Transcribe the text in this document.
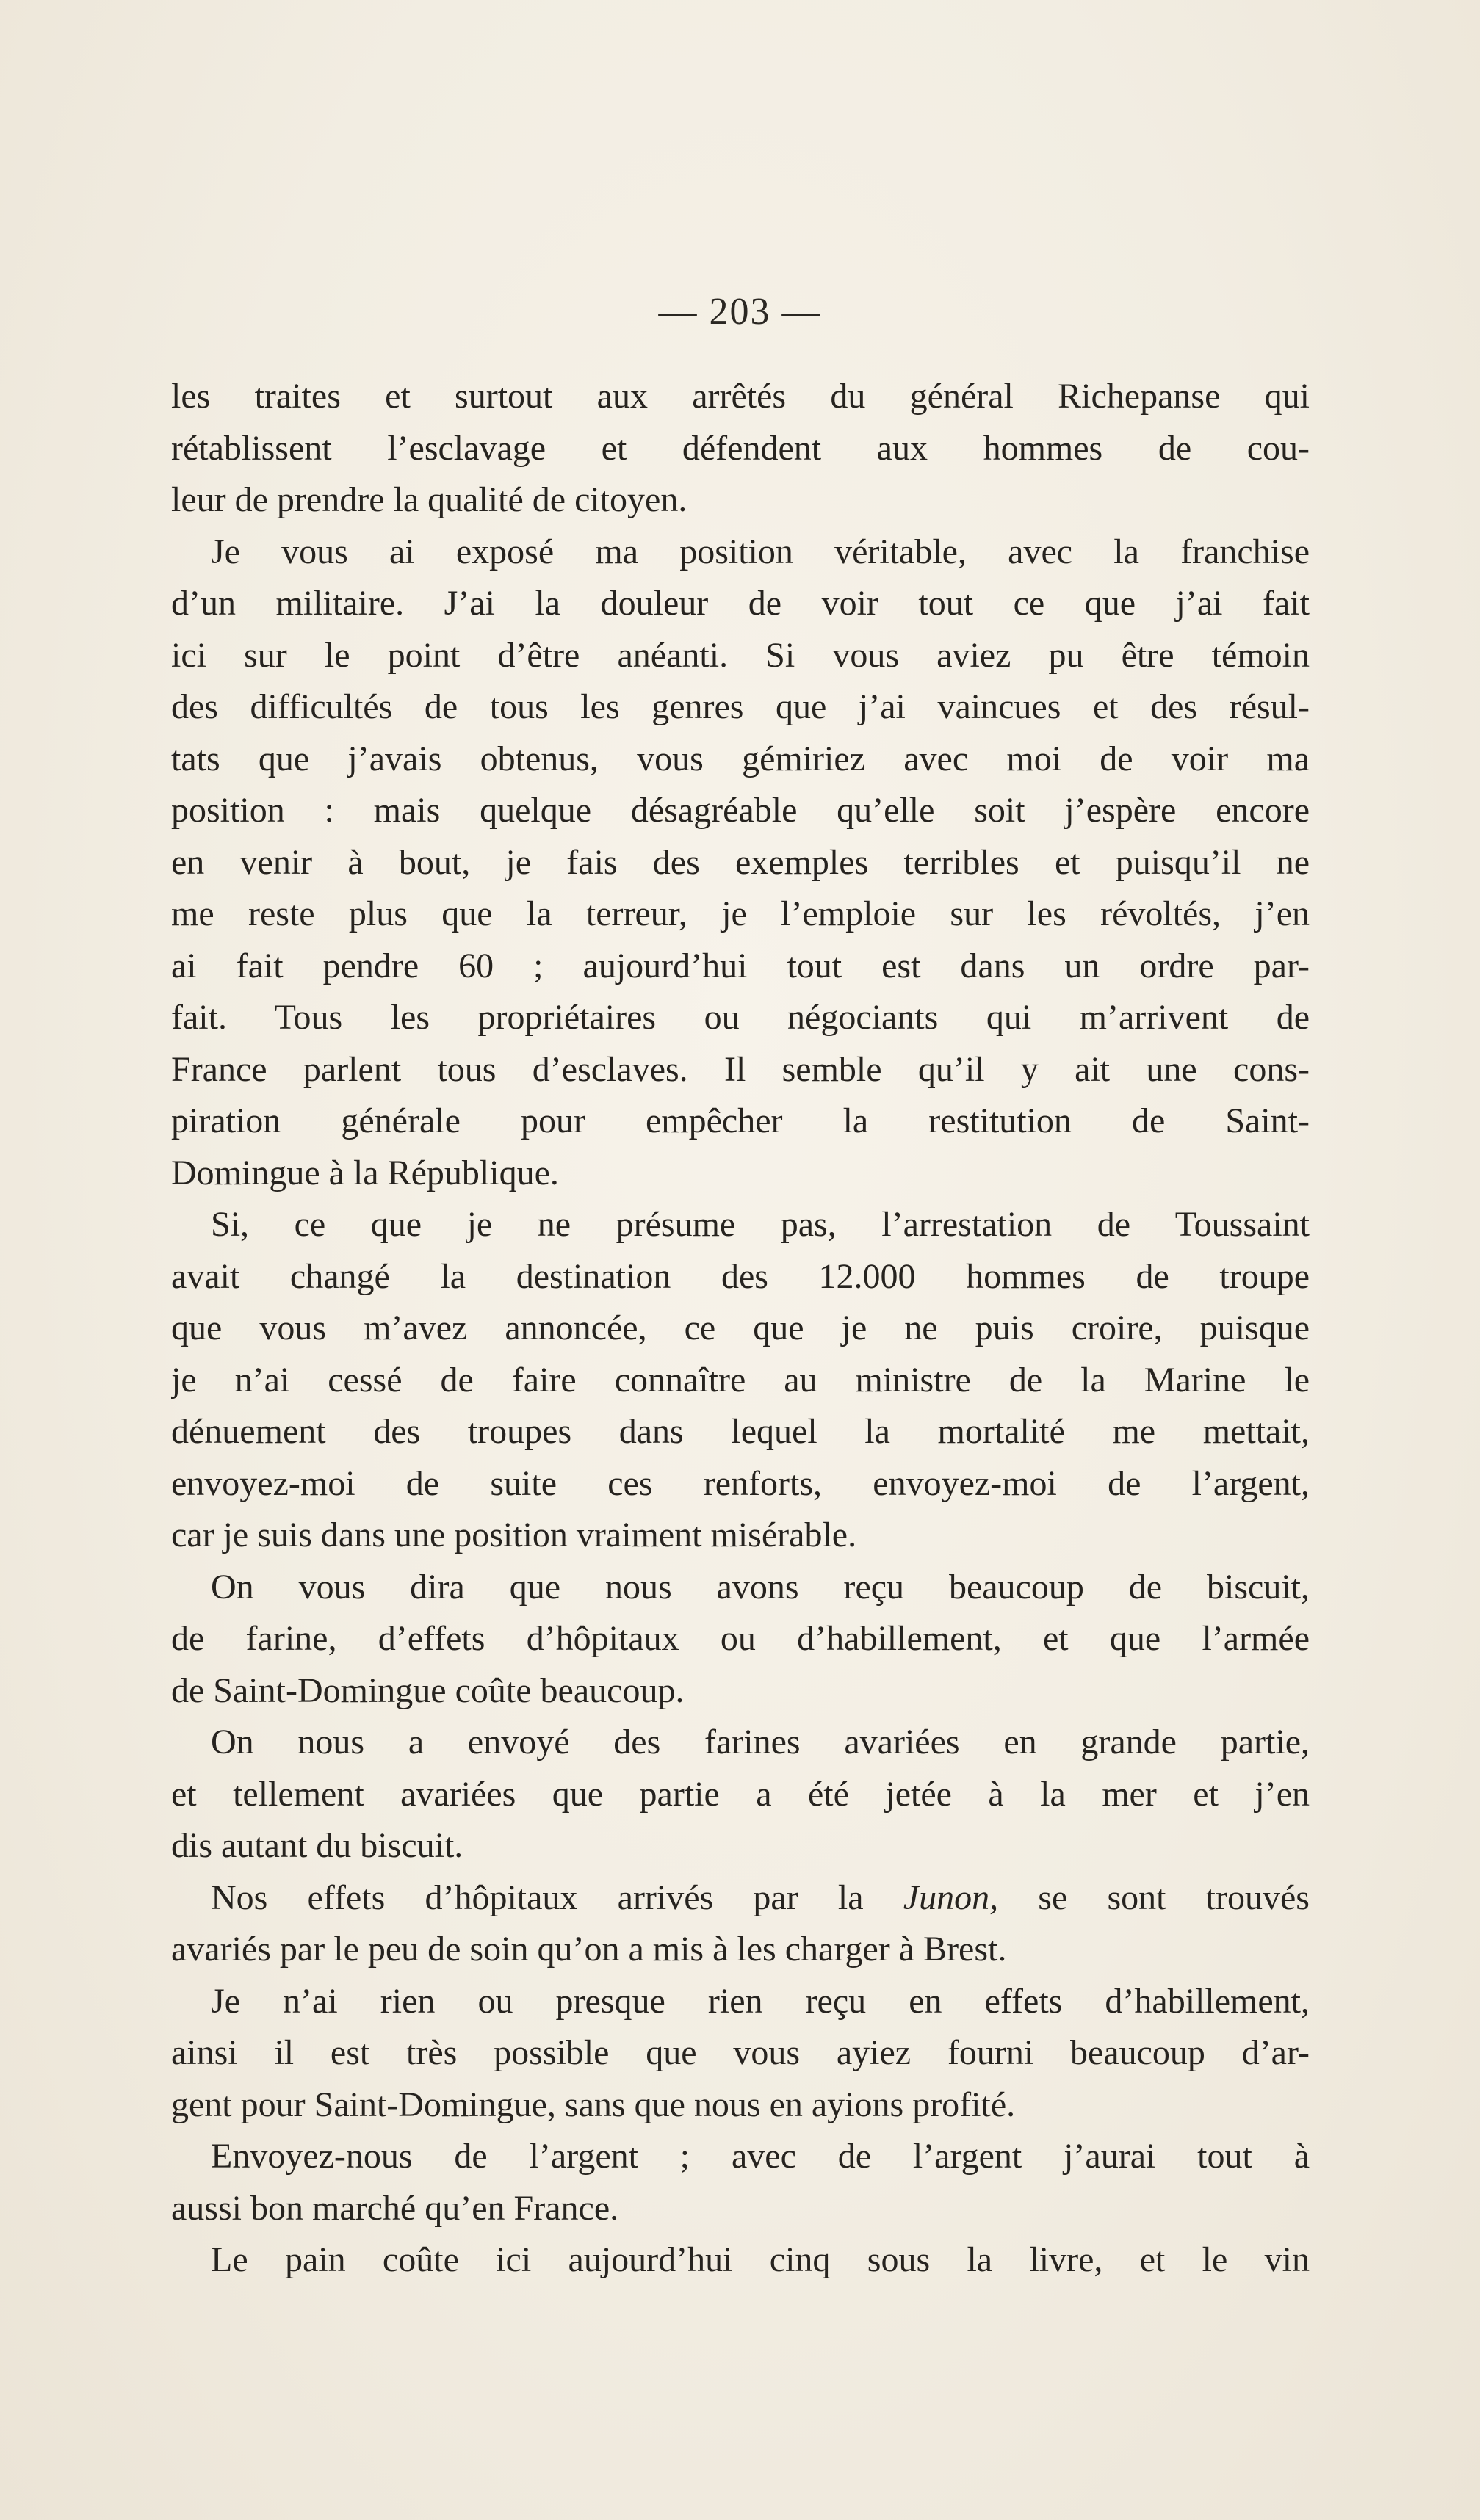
— 203 —
les traites et surtout aux arrêtés du général Richepanse qui
rétablissent l’esclavage et défendent aux hommes de cou-
leur de prendre la qualité de citoyen.
Je vous ai exposé ma position véritable, avec la franchise
d’un militaire. J’ai la douleur de voir tout ce que j’ai fait
ici sur le point d’être anéanti. Si vous aviez pu être témoin
des difficultés de tous les genres que j’ai vaincues et des résul-
tats que j’avais obtenus, vous gémiriez avec moi de voir ma
position : mais quelque désagréable qu’elle soit j’espère encore
en venir à bout, je fais des exemples terribles et puisqu’il ne
me reste plus que la terreur, je l’emploie sur les révoltés, j’en
ai fait pendre 60 ; aujourd’hui tout est dans un ordre par-
fait. Tous les propriétaires ou négociants qui m’arrivent de
France parlent tous d’esclaves. Il semble qu’il y ait une cons-
piration générale pour empêcher la restitution de Saint-
Domingue à la République.
Si, ce que je ne présume pas, l’arrestation de Toussaint
avait changé la destination des 12.000 hommes de troupe
que vous m’avez annoncée, ce que je ne puis croire, puisque
je n’ai cessé de faire connaître au ministre de la Marine le
dénuement des troupes dans lequel la mortalité me mettait,
envoyez-moi de suite ces renforts, envoyez-moi de l’argent,
car je suis dans une position vraiment misérable.
On vous dira que nous avons reçu beaucoup de biscuit,
de farine, d’effets d’hôpitaux ou d’habillement, et que l’armée
de Saint-Domingue coûte beaucoup.
On nous a envoyé des farines avariées en grande partie,
et tellement avariées que partie a été jetée à la mer et j’en
dis autant du biscuit.
Nos effets d’hôpitaux arrivés par la Junon, se sont trouvés
avariés par le peu de soin qu’on a mis à les charger à Brest.
Je n’ai rien ou presque rien reçu en effets d’habillement,
ainsi il est très possible que vous ayiez fourni beaucoup d’ar-
gent pour Saint-Domingue, sans que nous en ayions profité.
Envoyez-nous de l’argent ; avec de l’argent j’aurai tout à
aussi bon marché qu’en France.
Le pain coûte ici aujourd’hui cinq sous la livre, et le vin
